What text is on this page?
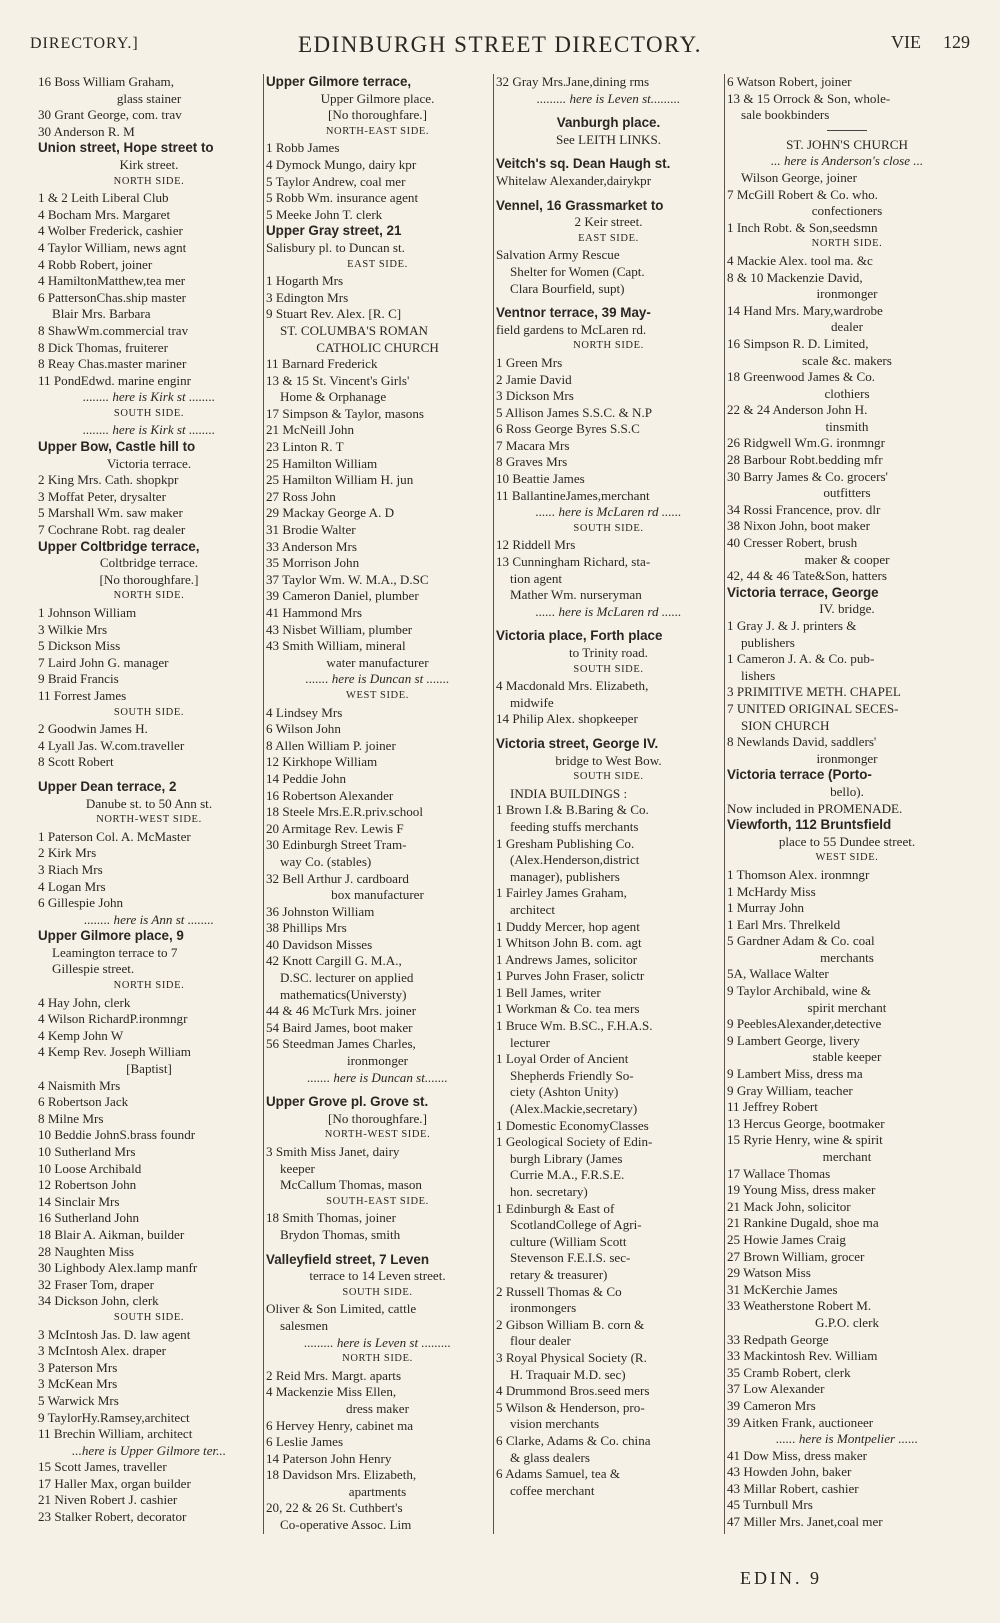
DIRECTORY.]	EDINBURGH STREET DIRECTORY.	VIE 129
16 Boss William Graham,
glass stainer
30 Grant George, com. trav
30 Anderson R. M
Union street, Hope street to
Kirk street.
NORTH SIDE.
1 & 2 Leith Liberal Club
4 Bocham Mrs. Margaret
4 Wolber Frederick, cashier
4 Taylor William, news agnt
4 Robb Robert, joiner
4 HamiltonMatthew,tea mer
6 PattersonChas.ship master
Blair Mrs. Barbara
8 ShawWm.commercial trav
8 Dick Thomas, fruiterer
8 Reay Chas.master mariner
11 PondEdwd. marine enginr
........ here is Kirk st ........
SOUTH SIDE.
........ here is Kirk st ........
Upper Bow, Castle hill to
Victoria terrace.
2 King Mrs. Cath. shopkpr
3 Moffat Peter, drysalter
5 Marshall Wm. saw maker
7 Cochrane Robt. rag dealer
Upper Coltbridge terrace,
Coltbridge terrace.
[No thoroughfare.]
NORTH SIDE.
1 Johnson William
3 Wilkie Mrs
5 Dickson Miss
7 Laird John G. manager
9 Braid Francis
11 Forrest James
SOUTH SIDE.
2 Goodwin James H.
4 Lyall Jas. W.com.traveller
8 Scott Robert
Upper Dean terrace, 2
Danube st. to 50 Ann st.
NORTH-WEST SIDE.
1 Paterson Col. A. McMaster
2 Kirk Mrs
3 Riach Mrs
4 Logan Mrs
6 Gillespie John
........ here is Ann st ........
Upper Gilmore place, 9
Leamington terrace to 7
Gillespie street.
NORTH SIDE.
4 Hay John, clerk
4 Wilson RichardP.ironmngr
4 Kemp John W
4 Kemp Rev. Joseph William
[Baptist]
4 Naismith Mrs
6 Robertson Jack
8 Milne Mrs
10 Beddie JohnS.brass foundr
10 Sutherland Mrs
10 Loose Archibald
12 Robertson John
14 Sinclair Mrs
16 Sutherland John
18 Blair A. Aikman, builder
28 Naughten Miss
30 Lighbody Alex.lamp manfr
32 Fraser Tom, draper
34 Dickson John, clerk
SOUTH SIDE.
3 McIntosh Jas. D. law agent
3 McIntosh Alex. draper
3 Paterson Mrs
3 McKean Mrs
5 Warwick Mrs
9 TaylorHy.Ramsey,architect
11 Brechin William, architect
...here is Upper Gilmore ter...
15 Scott James, traveller
17 Haller Max, organ builder
21 Niven Robert J. cashier
23 Stalker Robert, decorator
Upper Gilmore terrace,
Upper Gilmore place.
[No thoroughfare.]
NORTH-EAST SIDE.
1 Robb James
4 Dymock Mungo, dairy kpr
5 Taylor Andrew, coal mer
5 Robb Wm. insurance agent
5 Meeke John T. clerk
Upper Gray street, 21
Salisbury pl. to Duncan st.
EAST SIDE.
1 Hogarth Mrs
3 Edington Mrs
9 Stuart Rev. Alex. [R. C]
ST. COLUMBA'S ROMAN
CATHOLIC CHURCH
11 Barnard Frederick
13 & 15 St. Vincent's Girls'
Home & Orphanage
17 Simpson & Taylor, masons
21 McNeill John
23 Linton R. T
25 Hamilton William
25 Hamilton William H. jun
27 Ross John
29 Mackay George A. D
31 Brodie Walter
33 Anderson Mrs
35 Morrison John
37 Taylor Wm. W. M.A., D.SC
39 Cameron Daniel, plumber
41 Hammond Mrs
43 Nisbet William, plumber
43 Smith William, mineral
water manufacturer
....... here is Duncan st .......
WEST SIDE.
4 Lindsey Mrs
6 Wilson John
8 Allen William P. joiner
12 Kirkhope William
14 Peddie John
16 Robertson Alexander
18 Steele Mrs.E.R.priv.school
20 Armitage Rev. Lewis F
30 Edinburgh Street Tram-
way Co. (stables)
32 Bell Arthur J. cardboard
box manufacturer
36 Johnston William
38 Phillips Mrs
40 Davidson Misses
42 Knott Cargill G. M.A.,
D.SC. lecturer on applied
mathematics(Universty)
44 & 46 McTurk Mrs. joiner
54 Baird James, boot maker
56 Steedman James Charles,
ironmonger
....... here is Duncan st.......
Upper Grove pl. Grove st.
[No thoroughfare.]
NORTH-WEST SIDE.
3 Smith Miss Janet, dairy
keeper
McCallum Thomas, mason
SOUTH-EAST SIDE.
18 Smith Thomas, joiner
Brydon Thomas, smith
Valleyfield street, 7 Leven
terrace to 14 Leven street.
SOUTH SIDE.
Oliver & Son Limited, cattle
salesmen
......... here is Leven st .........
NORTH SIDE.
2 Reid Mrs. Margt. aparts
4 Mackenzie Miss Ellen,
dress maker
6 Hervey Henry, cabinet ma
6 Leslie James
14 Paterson John Henry
18 Davidson Mrs. Elizabeth,
apartments
20, 22 & 26 St. Cuthbert's
Co-operative Assoc. Lim
32 Gray Mrs.Jane,dining rms
......... here is Leven st.........
Vanburgh place.
See LEITH LINKS.
Veitch's sq. Dean Haugh st.
Whitelaw Alexander,dairykpr
Vennel, 16 Grassmarket to
2 Keir street.
EAST SIDE.
Salvation Army Rescue
Shelter for Women (Capt.
Clara Bourfield, supt)
Ventnor terrace, 39 May-
field gardens to McLaren rd.
NORTH SIDE.
1 Green Mrs
2 Jamie David
3 Dickson Mrs
5 Allison James S.S.C. & N.P
6 Ross George Byres S.S.C
7 Macara Mrs
8 Graves Mrs
10 Beattie James
11 BallantineJames,merchant
...... here is McLaren rd ......
SOUTH SIDE.
12 Riddell Mrs
13 Cunningham Richard, sta-
tion agent
Mather Wm. nurseryman
...... here is McLaren rd ......
Victoria place, Forth place
to Trinity road.
SOUTH SIDE.
4 Macdonald Mrs. Elizabeth,
midwife
14 Philip Alex. shopkeeper
Victoria street, George IV.
bridge to West Bow.
SOUTH SIDE.
INDIA BUILDINGS :
1 Brown I.& B.Baring & Co.
feeding stuffs merchants
1 Gresham Publishing Co.
(Alex.Henderson,district
manager), publishers
1 Fairley James Graham,
architect
1 Duddy Mercer, hop agent
1 Whitson John B. com. agt
1 Andrews James, solicitor
1 Purves John Fraser, solictr
1 Bell James, writer
1 Workman & Co. tea mers
1 Bruce Wm. B.SC., F.H.A.S.
lecturer
1 Loyal Order of Ancient
Shepherds Friendly So-
ciety (Ashton Unity)
(Alex.Mackie,secretary)
1 Domestic EconomyClasses
1 Geological Society of Edin-
burgh Library (James
Currie M.A., F.R.S.E.
hon. secretary)
1 Edinburgh & East of
ScotlandCollege of Agri-
culture (William Scott
Stevenson F.E.I.S. sec-
retary & treasurer)
2 Russell Thomas & Co
ironmongers
2 Gibson William B. corn &
flour dealer
3 Royal Physical Society (R.
H. Traquair M.D. sec)
4 Drummond Bros.seed mers
5 Wilson & Henderson, pro-
vision merchants
6 Clarke, Adams & Co. china
& glass dealers
6 Adams Samuel, tea &
coffee merchant
6 Watson Robert, joiner
13 & 15 Orrock & Son, whole-
sale bookbinders
ST. JOHN'S CHURCH
... here is Anderson's close ...
Wilson George, joiner
7 McGill Robert & Co. who.
confectioners
1 Inch Robt. & Son,seedsmn
NORTH SIDE.
4 Mackie Alex. tool ma. &c
8 & 10 Mackenzie David,
ironmonger
14 Hand Mrs. Mary,wardrobe
dealer
16 Simpson R. D. Limited,
scale &c. makers
18 Greenwood James & Co.
clothiers
22 & 24 Anderson John H.
tinsmith
26 Ridgwell Wm.G. ironmngr
28 Barbour Robt.bedding mfr
30 Barry James & Co. grocers'
outfitters
34 Rossi Francence, prov. dlr
38 Nixon John, boot maker
40 Cresser Robert, brush
maker & cooper
42, 44 & 46 Tate&Son, hatters
Victoria terrace, George
IV. bridge.
1 Gray J. & J. printers &
publishers
1 Cameron J. A. & Co. pub-
lishers
3 PRIMITIVE METH. CHAPEL
7 UNITED ORIGINAL SECES-
SION CHURCH
8 Newlands David, saddlers'
ironmonger
Victoria terrace (Porto-
bello).
Now included in PROMENADE.
Viewforth, 112 Bruntsfield
place to 55 Dundee street.
WEST SIDE.
1 Thomson Alex. ironmngr
1 McHardy Miss
1 Murray John
1 Earl Mrs. Threlkeld
5 Gardner Adam & Co. coal
merchants
5A, Wallace Walter
9 Taylor Archibald, wine &
spirit merchant
9 PeeblesAlexander,detective
9 Lambert George, livery
stable keeper
9 Lambert Miss, dress ma
9 Gray William, teacher
11 Jeffrey Robert
13 Hercus George, bootmaker
15 Ryrie Henry, wine & spirit
merchant
17 Wallace Thomas
19 Young Miss, dress maker
21 Mack John, solicitor
21 Rankine Dugald, shoe ma
25 Howie James Craig
27 Brown William, grocer
29 Watson Miss
31 McKerchie James
33 Weatherstone Robert M.
G.P.O. clerk
33 Redpath George
33 Mackintosh Rev. William
35 Cramb Robert, clerk
37 Low Alexander
39 Cameron Mrs
39 Aitken Frank, auctioneer
...... here is Montpelier ......
41 Dow Miss, dress maker
43 Howden John, baker
43 Millar Robert, cashier
45 Turnbull Mrs
47 Miller Mrs. Janet,coal mer
EDIN. 9
